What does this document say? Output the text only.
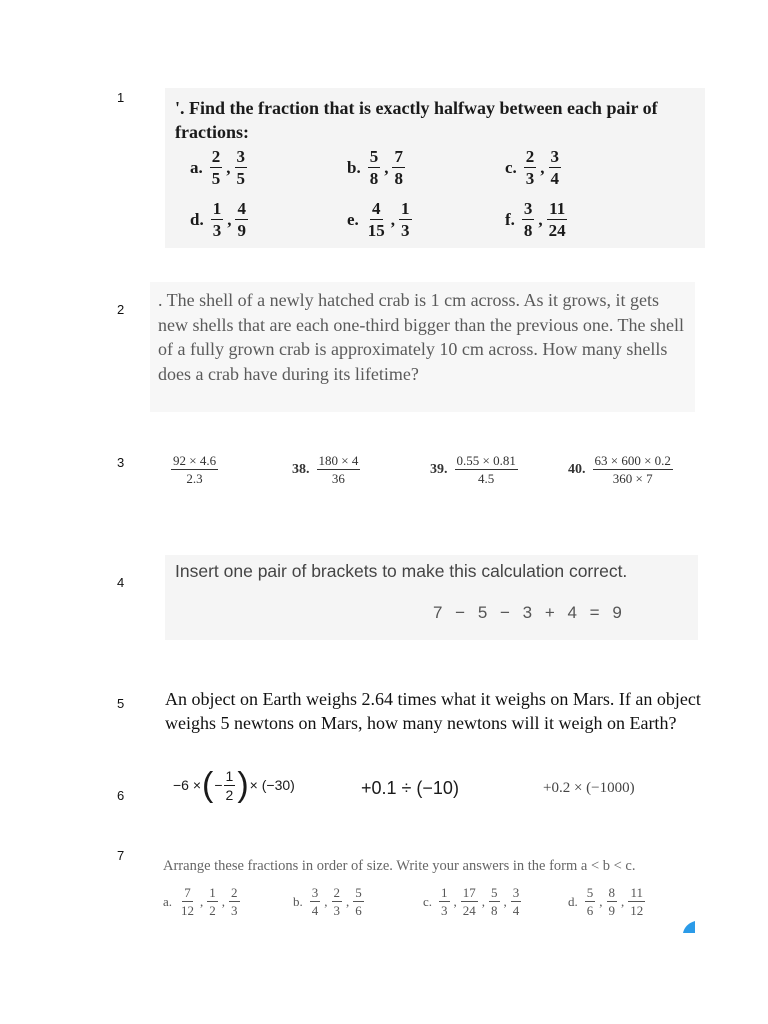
1
2
3
4
5
6
7
'. Find the fraction that is exactly halfway between each pair of fractions:
a. $\frac{2}{5}$ , $\frac{3}{5}$	b. $\frac{5}{8}$ , $\frac{7}{8}$	c. $\frac{2}{3}$ , $\frac{3}{4}$
d. $\frac{1}{3}$ , $\frac{4}{9}$	e. $\frac{4}{15}$ , $\frac{1}{3}$	f. $\frac{3}{8}$ , $\frac{11}{24}$
. The shell of a newly hatched crab is 1 cm across. As it grows, it gets new shells that are each one-third bigger than the previous one. The shell of a fully grown crab is approximately 10 cm across. How many shells does a crab have during its lifetime?
$\frac{92 \times 4.6}{2.3}$	38. $\frac{180 \times 4}{36}$	39. $\frac{0.55 \times 0.81}{4.5}$	40. $\frac{63 \times 600 \times 0.2}{360 \times 7}$
Insert one pair of brackets to make this calculation correct.
7 − 5 − 3 + 4 = 9
An object on Earth weighs 2.64 times what it weighs on Mars. If an object weighs 5 newtons on Mars, how many newtons will it weigh on Earth?
−6 × ( − $\frac{1}{2}$ ) × (−30)	+0.1 ÷ (−10)	+0.2 × (−1000)
Arrange these fractions in order of size. Write your answers in the form a < b < c.
a. $\frac{7}{12}$ , $\frac{1}{2}$ , $\frac{2}{3}$	b. $\frac{3}{4}$ , $\frac{2}{3}$ , $\frac{5}{6}$	c. $\frac{1}{3}$ , $\frac{17}{24}$ , $\frac{5}{8}$ , $\frac{3}{4}$	d. $\frac{5}{6}$ , $\frac{8}{9}$ , $\frac{11}{12}$
